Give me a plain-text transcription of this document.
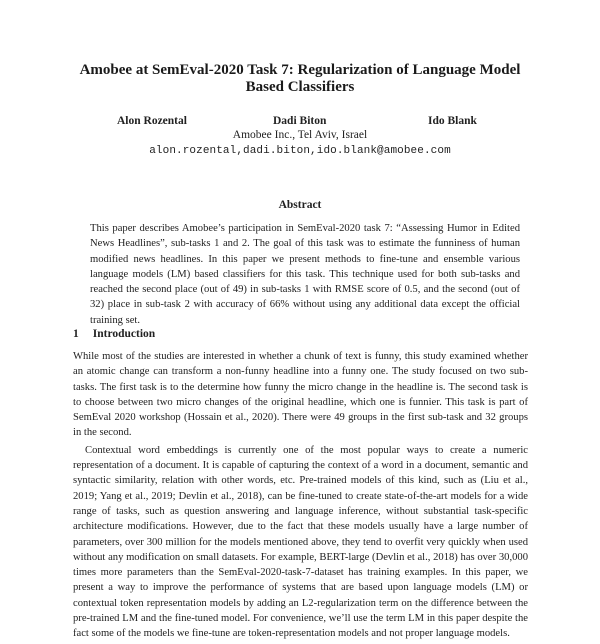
Amobee at SemEval-2020 Task 7: Regularization of Language Model Based Classifiers
Alon Rozental	Dadi Biton	Ido Blank
Amobee Inc., Tel Aviv, Israel
alon.rozental,dadi.biton,ido.blank@amobee.com
Abstract

This paper describes Amobee’s participation in SemEval-2020 task 7: “Assessing Humor in Edited News Headlines”, sub-tasks 1 and 2. The goal of this task was to estimate the funniness of human modified news headlines. In this paper we present methods to fine-tune and ensemble various language models (LM) based classifiers for this task. This technique used for both sub-tasks and reached the second place (out of 49) in sub-tasks 1 with RMSE score of 0.5, and the second (out of 32) place in sub-task 2 with accuracy of 66% without using any additional data except the official training set.

1 Introduction

While most of the studies are interested in whether a chunk of text is funny, this study examined whether an atomic change can transform a non-funny headline into a funny one. The study focused on two sub-tasks. The first task is to the determine how funny the micro change in the headline is. The second task is to choose between two micro changes of the original headline, which one is funnier. This task is part of SemEval 2020 workshop (Hossain et al., 2020). There were 49 groups in the first sub-task and 32 groups in the second.

Contextual word embeddings is currently one of the most popular ways to create a numeric representation of a document. It is capable of capturing the context of a word in a document, semantic and syntactic similarity, relation with other words, etc. Pre-trained models of this kind, such as (Liu et al., 2019; Yang et al., 2019; Devlin et al., 2018), can be fine-tuned to create state-of-the-art models for a wide range of tasks, such as question answering and language inference, without substantial task-specific architecture modifications. However, due to the fact that these models usually have a large number of parameters, over 300 million for the models mentioned above, they tend to overfit very quickly when used without any modification on small datasets. For example, BERT-large (Devlin et al., 2018) has over 30,000 times more parameters than the SemEval-2020-task-7-dataset has training examples. In this paper, we present a way to improve the performance of systems that are based upon language models (LM) or contextual token representation models by adding an L2-regularization term on the difference between the pre-trained LM and the fine-tuned model. For convenience, we’ll use the term LM in this paper despite the fact some of the models we fine-tune are token-representation models and not proper language models.
